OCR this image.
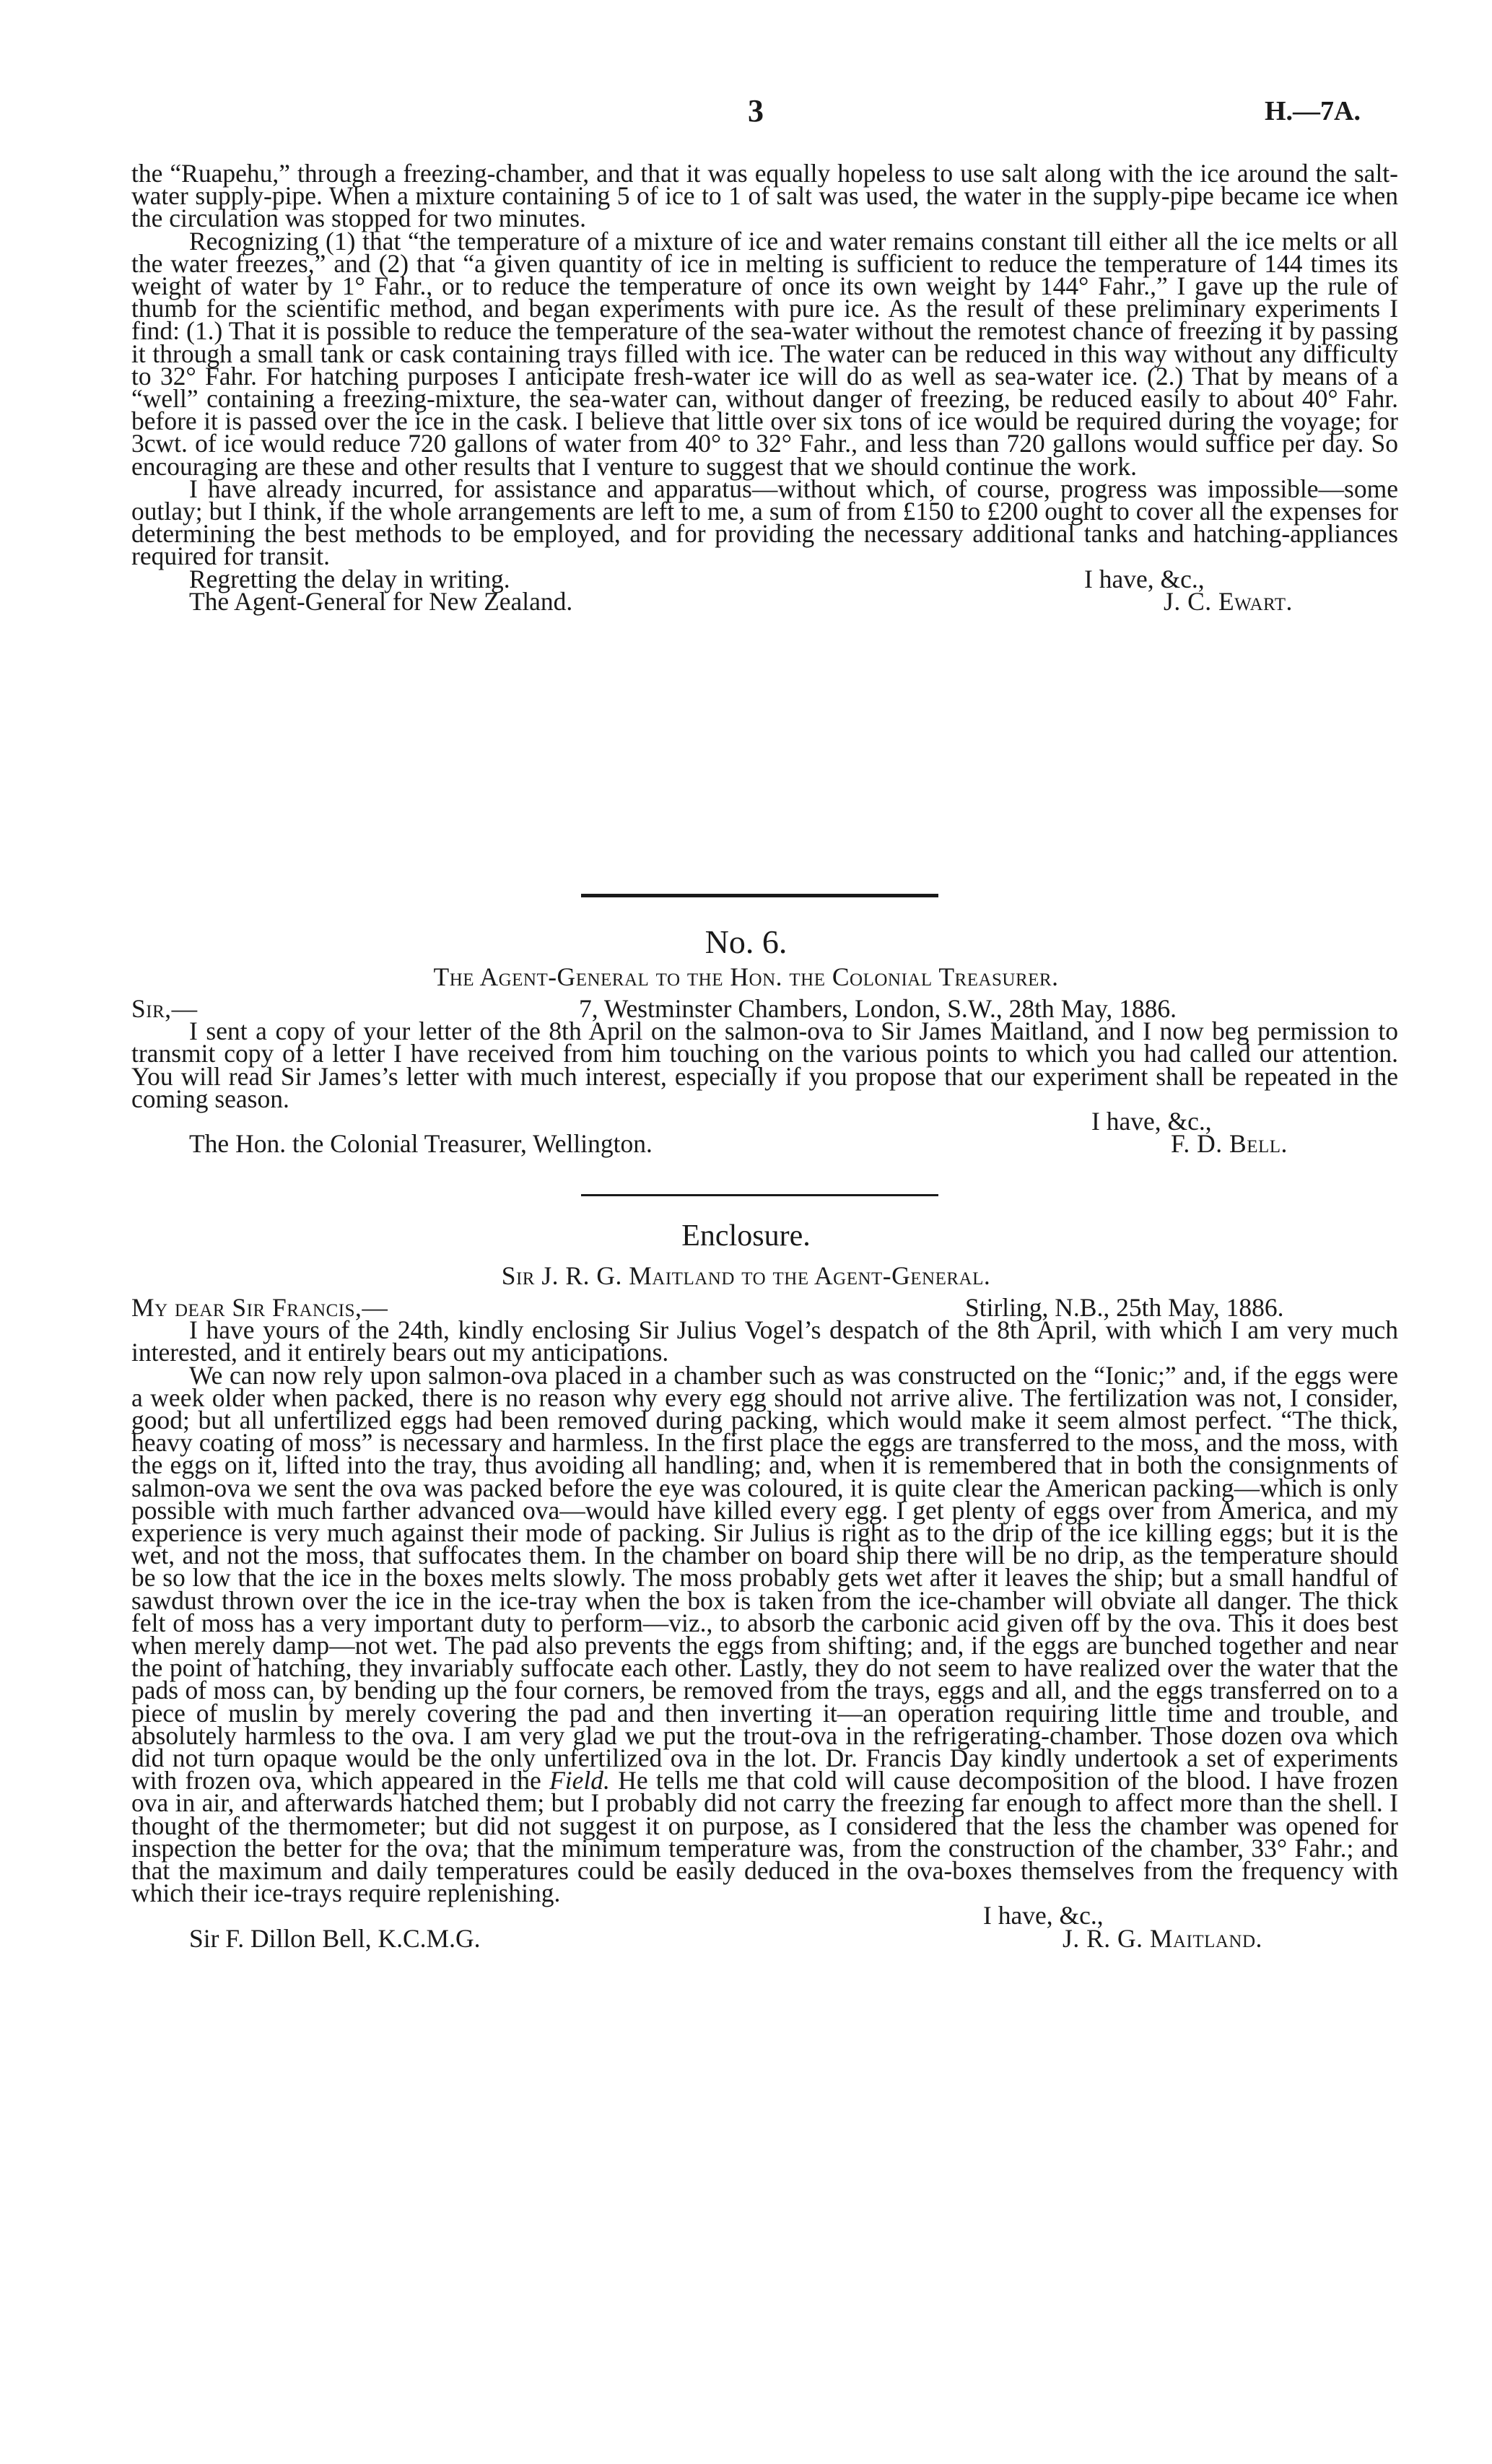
3	H.—7A.

the “Ruapehu,” through a freezing-chamber, and that it was equally hopeless to use salt along with the ice around the salt-water supply-pipe. When a mixture containing 5 of ice to 1 of salt was used, the water in the supply-pipe became ice when the circulation was stopped for two minutes.

Recognizing (1) that “the temperature of a mixture of ice and water remains constant till either all the ice melts or all the water freezes,” and (2) that “a given quantity of ice in melting is sufficient to reduce the temperature of 144 times its weight of water by 1° Fahr., or to reduce the temperature of once its own weight by 144° Fahr.,” I gave up the rule of thumb for the scientific method, and began experiments with pure ice. As the result of these preliminary experiments I find: (1.) That it is possible to reduce the temperature of the sea-water without the remotest chance of freezing it by passing it through a small tank or cask containing trays filled with ice. The water can be reduced in this way without any difficulty to 32° Fahr. For hatching purposes I anticipate fresh-water ice will do as well as sea-water ice. (2.) That by means of a “well” containing a freezing-mixture, the sea-water can, without danger of freezing, be reduced easily to about 40° Fahr. before it is passed over the ice in the cask. I believe that little over six tons of ice would be required during the voyage; for 3cwt. of ice would reduce 720 gallons of water from 40° to 32° Fahr., and less than 720 gallons would suffice per day. So encouraging are these and other results that I venture to suggest that we should continue the work.

I have already incurred, for assistance and apparatus—without which, of course, progress was impossible—some outlay; but I think, if the whole arrangements are left to me, a sum of from £150 to £200 ought to cover all the expenses for determining the best methods to be employed, and for providing the necessary additional tanks and hatching-appliances required for transit.

Regretting the delay in writing.	I have, &c.,
The Agent-General for New Zealand.	J. C. Ewart.
No. 6.
The Agent-General to the Hon. the Colonial Treasurer.
Sir,—	7, Westminster Chambers, London, S.W., 28th May, 1886.

I sent a copy of your letter of the 8th April on the salmon-ova to Sir James Maitland, and I now beg permission to transmit copy of a letter I have received from him touching on the various points to which you had called our attention. You will read Sir James’s letter with much interest, especially if you propose that our experiment shall be repeated in the coming season.

I have, &c.,
The Hon. the Colonial Treasurer, Wellington.	F. D. Bell.
Enclosure.
Sir J. R. G. Maitland to the Agent-General.
My dear Sir Francis,—	Stirling, N.B., 25th May, 1886.

I have yours of the 24th, kindly enclosing Sir Julius Vogel’s despatch of the 8th April, with which I am very much interested, and it entirely bears out my anticipations.

We can now rely upon salmon-ova placed in a chamber such as was constructed on the “Ionic;” and, if the eggs were a week older when packed, there is no reason why every egg should not arrive alive. The fertilization was not, I consider, good; but all unfertilized eggs had been removed during packing, which would make it seem almost perfect. “The thick, heavy coating of moss” is necessary and harmless. In the first place the eggs are transferred to the moss, and the moss, with the eggs on it, lifted into the tray, thus avoiding all handling; and, when it is remembered that in both the consignments of salmon-ova we sent the ova was packed before the eye was coloured, it is quite clear the American packing—which is only possible with much farther advanced ova—would have killed every egg. I get plenty of eggs over from America, and my experience is very much against their mode of packing. Sir Julius is right as to the drip of the ice killing eggs; but it is the wet, and not the moss, that suffocates them. In the chamber on board ship there will be no drip, as the temperature should be so low that the ice in the boxes melts slowly. The moss probably gets wet after it leaves the ship; but a small handful of sawdust thrown over the ice in the ice-tray when the box is taken from the ice-chamber will obviate all danger. The thick felt of moss has a very important duty to perform—viz., to absorb the carbonic acid given off by the ova. This it does best when merely damp—not wet. The pad also prevents the eggs from shifting; and, if the eggs are bunched together and near the point of hatching, they invariably suffocate each other. Lastly, they do not seem to have realized over the water that the pads of moss can, by bending up the four corners, be removed from the trays, eggs and all, and the eggs transferred on to a piece of muslin by merely covering the pad and then inverting it—an operation requiring little time and trouble, and absolutely harmless to the ova. I am very glad we put the trout-ova in the refrigerating-chamber. Those dozen ova which did not turn opaque would be the only unfertilized ova in the lot. Dr. Francis Day kindly undertook a set of experiments with frozen ova, which appeared in the Field. He tells me that cold will cause decomposition of the blood. I have frozen ova in air, and afterwards hatched them; but I probably did not carry the freezing far enough to affect more than the shell. I thought of the thermometer; but did not suggest it on purpose, as I considered that the less the chamber was opened for inspection the better for the ova; that the minimum temperature was, from the construction of the chamber, 33° Fahr.; and that the maximum and daily temperatures could be easily deduced in the ova-boxes themselves from the frequency with which their ice-trays require replenishing.

I have, &c.,
Sir F. Dillon Bell, K.C.M.G.	J. R. G. Maitland.
